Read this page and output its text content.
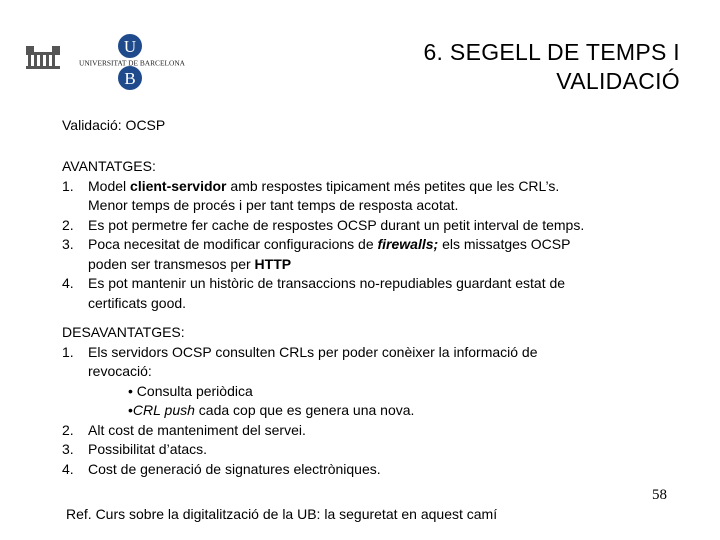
U
B
UNIVERSITAT DE BARCELONA	6. SEGELL DE TEMPS I
VALIDACIÓ
Validació: OCSP
AVANTATGES:
1. Model client-servidor amb respostes tipicament més petites que les CRL’s.
Menor temps de procés i per tant temps de resposta acotat.
2. Es pot permetre fer cache de respostes OCSP durant un petit interval de temps.
3. Poca necesitat de modificar configuracions de firewalls; els missatges OCSP
poden ser transmesos per HTTP
4. Es pot mantenir un històric de transaccions no-repudiables guardant estat de
certificats good.
DESAVANTATGES:
1. Els servidors OCSP consulten CRLs per poder conèixer la informació de
revocació:
• Consulta periòdica
•CRL push cada cop que es genera una nova.
2. Alt cost de manteniment del servei.
3. Possibilitat d’atacs.
4. Cost de generació de signatures electròniques.
58
Ref. Curs sobre la digitalització de la UB: la seguretat en aquest camí
